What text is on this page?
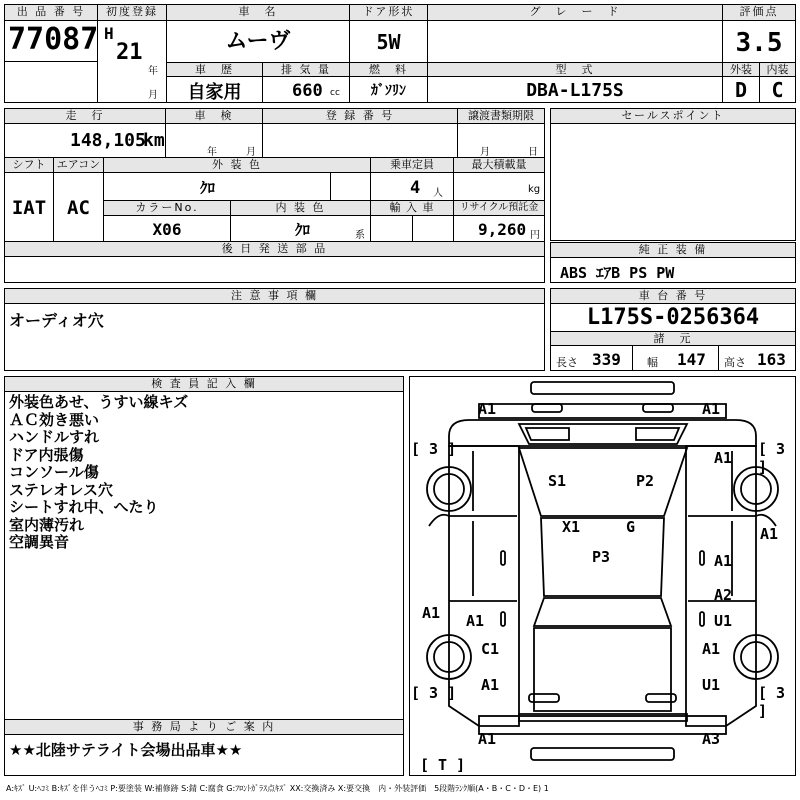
出 品 番 号
77087
初度登録
H
21
年
月
車　名
ムーヴ
ドア形状
5W
グ　レ　ー　ド	評価点
3.5
車　歴
自家用
排 気 量
660 cc
燃　料
ｶﾞｿﾘﾝ
型　式
DBA-L175S
外装	内装
D	C
走　行
148,105
km
車　検
年	月
登 録 番 号	譲渡書類期限
月	日
シフト
IAT
エアコン
AC
外 装 色
ｸﾛ
乗車定員
4 人
最大積載量
kg
カラーNo.
X06
内 装 色
ｸﾛ	系
輸 入 車	リサイクル預託金
9,260 円
後 日 発 送 部 品
セールスポイント
純 正 装 備
ABS ｴｱB PS PW
注 意 事 項 欄
オーディオ穴
車 台 番 号
L175S-0256364
諸　元
長さ 339 幅 147 高さ 163
検 査 員 記 入 欄
外装色あせ、うすい線キズ
ＡＣ効き悪い
ハンドルすれ
ドア内張傷
コンソール傷
ステレオレス穴
シートすれ中、へたり
室内薄汚れ
空調異音
事 務 局 よ り ご 案 内
★★北陸サテライト会場出品車★★
A1	A1
[ 3 ]	[ 3 ]
A1
S1	P2
X1	G	A1
P3	A1
A2
A1 A1	U1
C1	A1
A1	U1
[ 3 ]	[ 3 ]
A1	A3
[ T ]
A:ｷｽﾞ U:ﾍｺﾐ B:ｷｽﾞを伴うﾍｺﾐ P:要塗装 W:補修跡 S:錆 C:腐食 G:ﾌﾛﾝﾄｶﾞﾗｽ点ｷｽﾞ XX:交換済み X:要交換　内・外装評価　5段階ﾗﾝｸ順(A・B・C・D・E) 1
